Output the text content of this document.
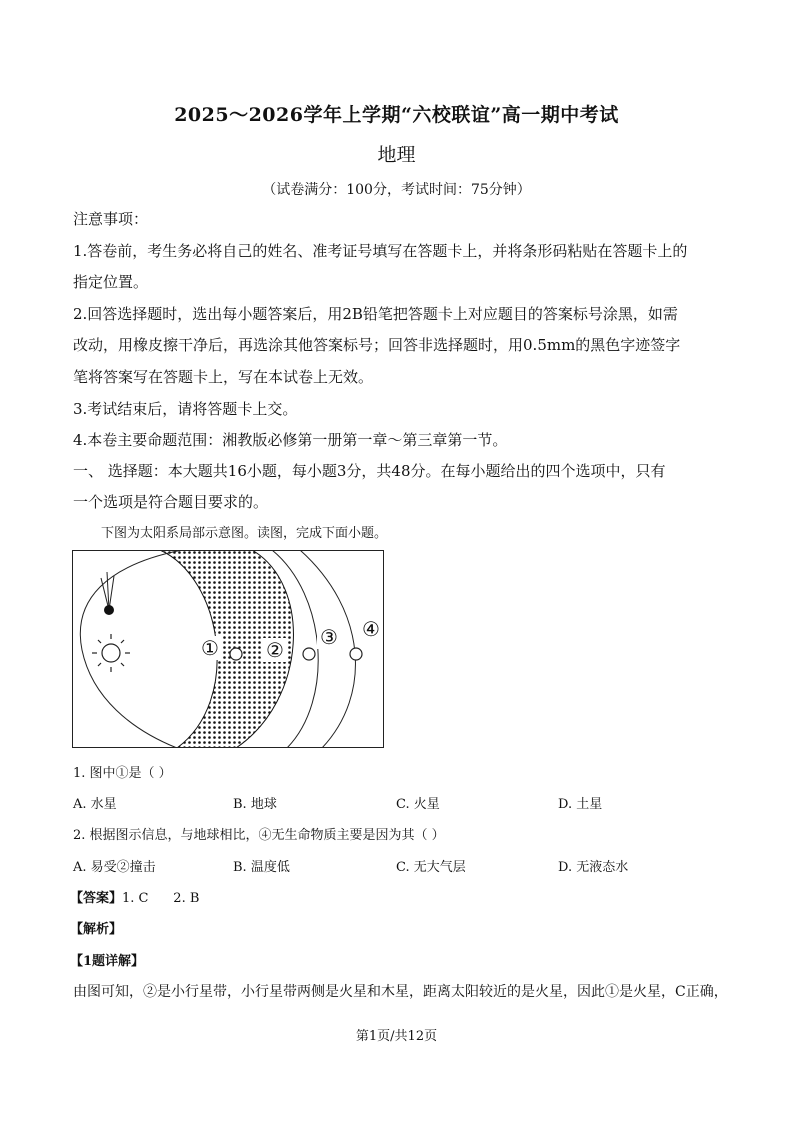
2025～2026学年上学期“六校联谊”高一期中考试
地理
（试卷满分：100分，考试时间：75分钟）
注意事项：
1.答卷前，考生务必将自己的姓名、准考证号填写在答题卡上，并将条形码粘贴在答题卡上的
指定位置。
2.回答选择题时，选出每小题答案后，用2B铅笔把答题卡上对应题目的答案标号涂黑，如需
改动，用橡皮擦干净后，再选涂其他答案标号；回答非选择题时，用0.5mm的黑色字迹签字
笔将答案写在答题卡上，写在本试卷上无效。
3.考试结束后，请将答题卡上交。
4.本卷主要命题范围：湘教版必修第一册第一章～第三章第一节。
一、 选择题：本大题共16小题，每小题3分，共48分。在每小题给出的四个选项中，只有
一个选项是符合题目要求的。
下图为太阳系局部示意图。读图，完成下面小题。
① ②
③ ④
1. 图中①是（ ）
A. 水星	B. 地球	C. 火星	D. 土星
2. 根据图示信息，与地球相比，④无生命物质主要是因为其（ ）
A. 易受②撞击	B. 温度低	C. 无大气层	D. 无液态水
【答案】1. C      2. B
【解析】
【1题详解】
由图可知，②是小行星带，小行星带两侧是火星和木星，距离太阳较近的是火星，因此①是火星，C正确，
第1页/共12页
